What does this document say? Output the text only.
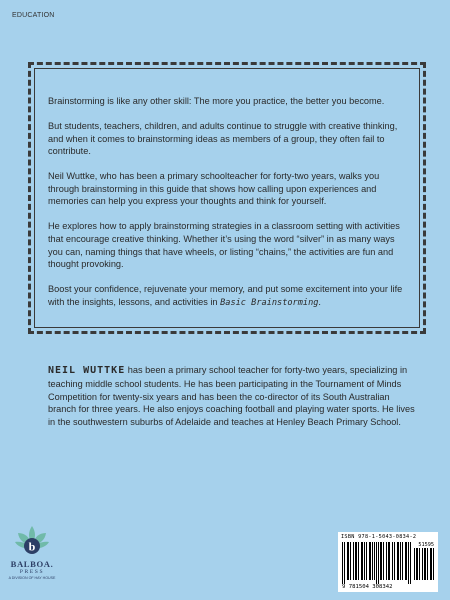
EDUCATION

Brainstorming is like any other skill: The more you practice, the better you become.

But students, teachers, children, and adults continue to struggle with creative thinking, and when it comes to brainstorming ideas as members of a group, they often fail to contribute.

Neil Wuttke, who has been a primary schoolteacher for forty-two years, walks you through brainstorming in this guide that shows how calling upon experiences and memories can help you express your thoughts and think for yourself.

He explores how to apply brainstorming strategies in a classroom setting with activities that encourage creative thinking. Whether it’s using the word “silver” in as many ways you can, naming things that have wheels, or listing “chains,” the activities are fun and thought provoking.

Boost your confidence, rejuvenate your memory, and put some excitement into your life with the insights, lessons, and activities in Basic Brainstorming.

NEIL WUTTKE has been a primary school teacher for forty-two years, specializing in teaching middle school students. He has been participating in the Tournament of Minds Competition for twenty-six years and has been the co-director of its South Australian branch for three years. He also enjoys coaching football and playing water sports. He lives in the southwestern suburbs of Adelaide and teaches at Henley Beach Primary School.

b
BALBOA.
PRESS
A DIVISION OF HAY HOUSE
ISBN 978-1-5043-0834-2
51595
9 781504 308342
